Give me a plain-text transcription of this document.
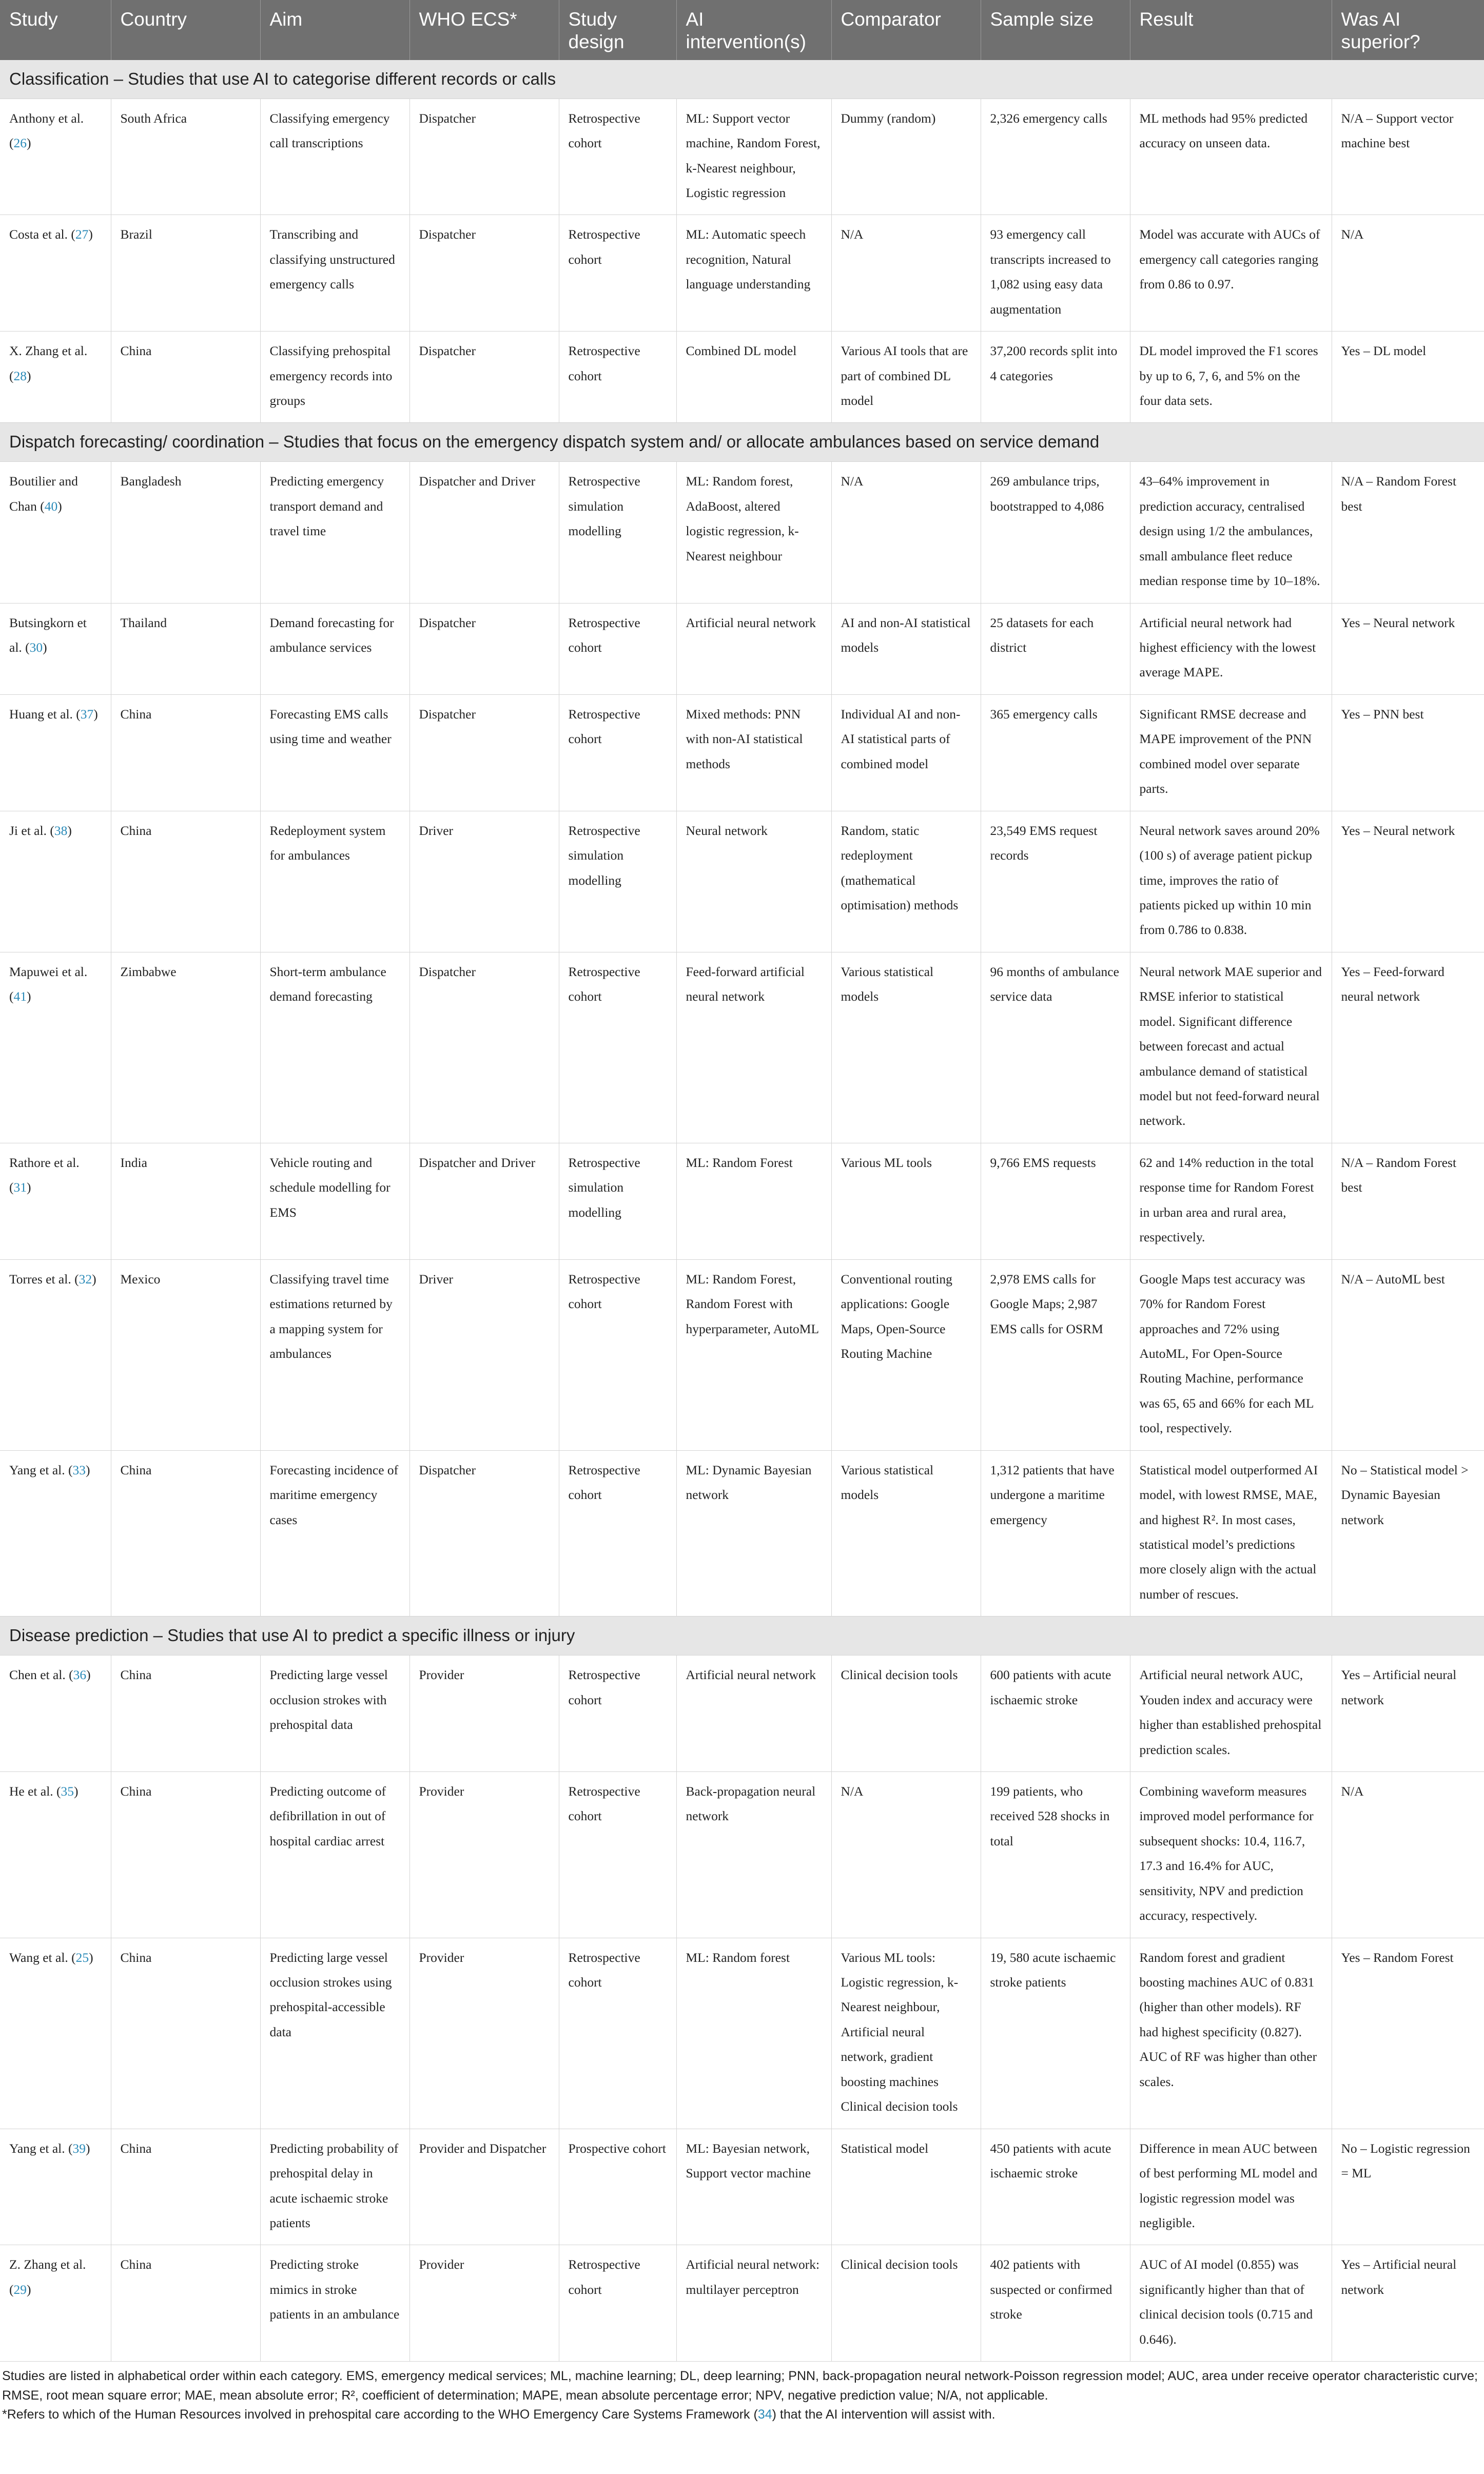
Study	Country	Aim	WHO ECS*	Study design	AI intervention(s)	Comparator	Sample size	Result	Was AI superior?
Classification – Studies that use AI to categorise different records or calls									
Anthony et al. (26)	South Africa	Classifying emergency call transcriptions	Dispatcher	Retrospective cohort	ML: Support vector machine, Random Forest, k-Nearest neighbour, Logistic regression	Dummy (random)	2,326 emergency calls	ML methods had 95% predicted accuracy on unseen data.	N/A – Support vector machine best
Costa et al. (27)	Brazil	Transcribing and classifying unstructured emergency calls	Dispatcher	Retrospective cohort	ML: Automatic speech recognition, Natural language understanding	N/A	93 emergency call transcripts increased to 1,082 using easy data augmentation	Model was accurate with AUCs of emergency call categories ranging from 0.86 to 0.97.	N/A
X. Zhang et al. (28)	China	Classifying prehospital emergency records into groups	Dispatcher	Retrospective cohort	Combined DL model	Various AI tools that are part of combined DL model	37,200 records split into 4 categories	DL model improved the F1 scores by up to 6, 7, 6, and 5% on the four data sets.	Yes – DL model
Dispatch forecasting/ coordination – Studies that focus on the emergency dispatch system and/ or allocate ambulances based on service demand									
Boutilier and Chan (40)	Bangladesh	Predicting emergency transport demand and travel time	Dispatcher and Driver	Retrospective simulation modelling	ML: Random forest, AdaBoost, altered logistic regression, k-Nearest neighbour	N/A	269 ambulance trips, bootstrapped to 4,086	43–64% improvement in prediction accuracy, centralised design using 1/2 the ambulances, small ambulance fleet reduce median response time by 10–18%.	N/A – Random Forest best
Butsingkorn et al. (30)	Thailand	Demand forecasting for ambulance services	Dispatcher	Retrospective cohort	Artificial neural network	AI and non-AI statistical models	25 datasets for each district	Artificial neural network had highest efficiency with the lowest average MAPE.	Yes – Neural network
Huang et al. (37)	China	Forecasting EMS calls using time and weather	Dispatcher	Retrospective cohort	Mixed methods: PNN with non-AI statistical methods	Individual AI and non-AI statistical parts of combined model	365 emergency calls	Significant RMSE decrease and MAPE improvement of the PNN combined model over separate parts.	Yes – PNN best
Ji et al. (38)	China	Redeployment system for ambulances	Driver	Retrospective simulation modelling	Neural network	Random, static redeployment (mathematical optimisation) methods	23,549 EMS request records	Neural network saves around 20% (100 s) of average patient pickup time, improves the ratio of patients picked up within 10 min from 0.786 to 0.838.	Yes – Neural network
Mapuwei et al. (41)	Zimbabwe	Short-term ambulance demand forecasting	Dispatcher	Retrospective cohort	Feed-forward artificial neural network	Various statistical models	96 months of ambulance service data	Neural network MAE superior and RMSE inferior to statistical model. Significant difference between forecast and actual ambulance demand of statistical model but not feed-forward neural network.	Yes – Feed-forward neural network
Rathore et al. (31)	India	Vehicle routing and schedule modelling for EMS	Dispatcher and Driver	Retrospective simulation modelling	ML: Random Forest	Various ML tools	9,766 EMS requests	62 and 14% reduction in the total response time for Random Forest in urban area and rural area, respectively.	N/A – Random Forest best
Torres et al. (32)	Mexico	Classifying travel time estimations returned by a mapping system for ambulances	Driver	Retrospective cohort	ML: Random Forest, Random Forest with hyperparameter, AutoML	Conventional routing applications: Google Maps, Open-Source Routing Machine	2,978 EMS calls for Google Maps; 2,987 EMS calls for OSRM	Google Maps test accuracy was 70% for Random Forest approaches and 72% using AutoML, For Open-Source Routing Machine, performance was 65, 65 and 66% for each ML tool, respectively.	N/A – AutoML best
Yang et al. (33)	China	Forecasting incidence of maritime emergency cases	Dispatcher	Retrospective cohort	ML: Dynamic Bayesian network	Various statistical models	1,312 patients that have undergone a maritime emergency	Statistical model outperformed AI model, with lowest RMSE, MAE, and highest R². In most cases, statistical model’s predictions more closely align with the actual number of rescues.	No – Statistical model > Dynamic Bayesian network
Disease prediction – Studies that use AI to predict a specific illness or injury									
Chen et al. (36)	China	Predicting large vessel occlusion strokes with prehospital data	Provider	Retrospective cohort	Artificial neural network	Clinical decision tools	600 patients with acute ischaemic stroke	Artificial neural network AUC, Youden index and accuracy were higher than established prehospital prediction scales.	Yes – Artificial neural network
He et al. (35)	China	Predicting outcome of defibrillation in out of hospital cardiac arrest	Provider	Retrospective cohort	Back-propagation neural network	N/A	199 patients, who received 528 shocks in total	Combining waveform measures improved model performance for subsequent shocks: 10.4, 116.7, 17.3 and 16.4% for AUC, sensitivity, NPV and prediction accuracy, respectively.	N/A
Wang et al. (25)	China	Predicting large vessel occlusion strokes using prehospital-accessible data	Provider	Retrospective cohort	ML: Random forest	Various ML tools: Logistic regression, k-Nearest neighbour, Artificial neural network, gradient boosting machines Clinical decision tools	19, 580 acute ischaemic stroke patients	Random forest and gradient boosting machines AUC of 0.831 (higher than other models). RF had highest specificity (0.827). AUC of RF was higher than other scales.	Yes – Random Forest
Yang et al. (39)	China	Predicting probability of prehospital delay in acute ischaemic stroke patients	Provider and Dispatcher	Prospective cohort	ML: Bayesian network, Support vector machine	Statistical model	450 patients with acute ischaemic stroke	Difference in mean AUC between of best performing ML model and logistic regression model was negligible.	No – Logistic regression = ML
Z. Zhang et al. (29)	China	Predicting stroke mimics in stroke patients in an ambulance	Provider	Retrospective cohort	Artificial neural network: multilayer perceptron	Clinical decision tools	402 patients with suspected or confirmed stroke	AUC of AI model (0.855) was significantly higher than that of clinical decision tools (0.715 and 0.646).	Yes – Artificial neural network

Studies are listed in alphabetical order within each category. EMS, emergency medical services; ML, machine learning; DL, deep learning; PNN, back-propagation neural network-Poisson regression model; AUC, area under receive operator characteristic curve; RMSE, root mean square error; MAE, mean absolute error; R², coefficient of determination; MAPE, mean absolute percentage error; NPV, negative prediction value; N/A, not applicable.

*Refers to which of the Human Resources involved in prehospital care according to the WHO Emergency Care Systems Framework (34) that the AI intervention will assist with.
